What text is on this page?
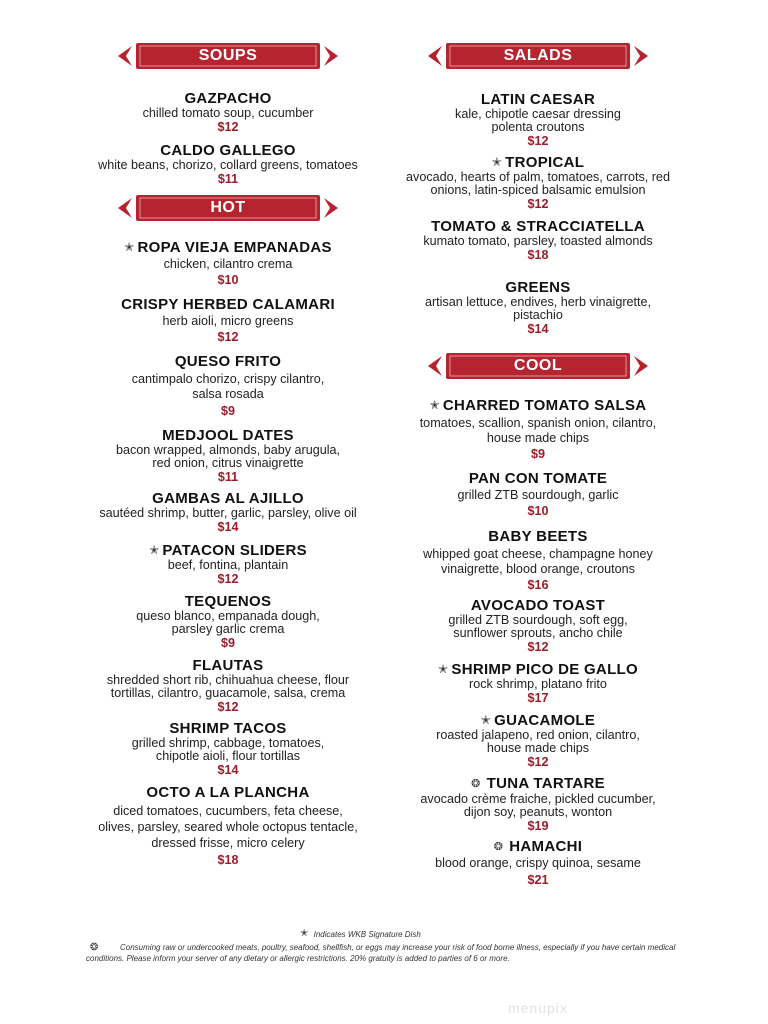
SOUPS
HOT
SALADS
COOL
GAZPACHO
chilled tomato soup, cucumber
$12
CALDO GALLEGO
white beans, chorizo, collard greens, tomatoes
$11
✭ ROPA VIEJA EMPANADAS
chicken, cilantro crema
$10
CRISPY HERBED CALAMARI
herb aioli, micro greens
$12
QUESO FRITO
cantimpalo chorizo, crispy cilantro,
salsa rosada
$9
MEDJOOL DATES
bacon wrapped, almonds, baby arugula,
red onion, citrus vinaigrette
$11
GAMBAS AL AJILLO
sautéed shrimp, butter, garlic, parsley, olive oil
$14
✭ PATACON SLIDERS
beef, fontina, plantain
$12
TEQUENOS
queso blanco, empanada dough,
parsley garlic crema
$9
FLAUTAS
shredded short rib, chihuahua cheese, flour
tortillas, cilantro, guacamole, salsa, crema
$12
SHRIMP TACOS
grilled shrimp, cabbage, tomatoes,
chipotle aioli, flour tortillas
$14
OCTO A LA PLANCHA
diced tomatoes, cucumbers, feta cheese,
olives, parsley, seared whole octopus tentacle,
dressed frisse, micro celery
$18
LATIN CAESAR
kale, chipotle caesar dressing
polenta croutons
$12
✭ TROPICAL
avocado, hearts of palm, tomatoes, carrots, red
onions, latin-spiced balsamic emulsion
$12
TOMATO & STRACCIATELLA
kumato tomato, parsley, toasted almonds
$18
GREENS
artisan lettuce, endives, herb vinaigrette,
pistachio
$14
✭ CHARRED TOMATO SALSA
tomatoes, scallion, spanish onion, cilantro,
house made chips
$9
PAN CON TOMATE
grilled ZTB sourdough, garlic
$10
BABY BEETS
whipped goat cheese, champagne honey
vinaigrette, blood orange, croutons
$16
AVOCADO TOAST
grilled ZTB sourdough, soft egg,
sunflower sprouts, ancho chile
$12
✭ SHRIMP PICO DE GALLO
rock shrimp, platano frito
$17
✭ GUACAMOLE
roasted jalapeno, red onion, cilantro,
house made chips
$12
❂ TUNA TARTARE
avocado crème fraiche, pickled cucumber,
dijon soy, peanuts, wonton
$19
❂ HAMACHI
blood orange, crispy quinoa, sesame
$21
✭ Indicates WKB Signature Dish
❂	Consuming raw or undercooked meats, poultry, seafood, shellfish, or eggs may increase your risk of food borne illness, especially if you have certain medical conditions. Please inform your server of any dietary or allergic restrictions. 20% gratuity is added to parties of 6 or more.
menupix
